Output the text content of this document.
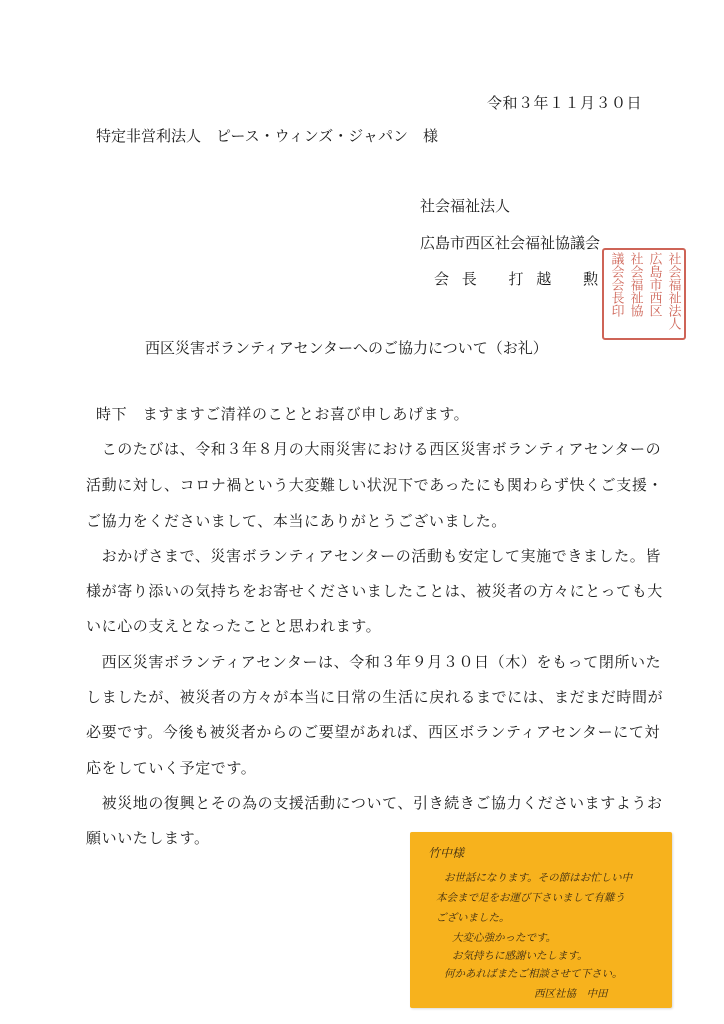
令和３年１１月３０日
特定非営利法人　ピース・ウィンズ・ジャパン　様
社会福祉法人
広島市西区社会福祉協議会
会 長　 打 越　 勲	社会福祉法人
広島市西区
社会福祉協
議会会長印
西区災害ボランティアセンターへのご協力について（お礼）
時下　ますますご清祥のこととお喜び申しあげます。
　このたびは、令和３年８月の大雨災害における西区災害ボランティアセンターの
活動に対し、コロナ禍という大変難しい状況下であったにも関わらず快くご支援・
ご協力をくださいまして、本当にありがとうございました。
　おかげさまで、災害ボランティアセンターの活動も安定して実施できました。皆
様が寄り添いの気持ちをお寄せくださいましたことは、被災者の方々にとっても大
いに心の支えとなったことと思われます。
　西区災害ボランティアセンターは、令和３年９月３０日（木）をもって閉所いた
しましたが、被災者の方々が本当に日常の生活に戻れるまでには、まだまだ時間が
必要です。今後も被災者からのご要望があれば、西区ボランティアセンターにて対
応をしていく予定です。
　被災地の復興とその為の支援活動について、引き続きご協力くださいますようお
願いいたします。
竹中様
お世話になります。その節はお忙しい中
本会まで足をお運び下さいまして有難う
ございました。
大変心強かったです。
お気持ちに感謝いたします。
何かあればまたご相談させて下さい。
西区社協　中田
